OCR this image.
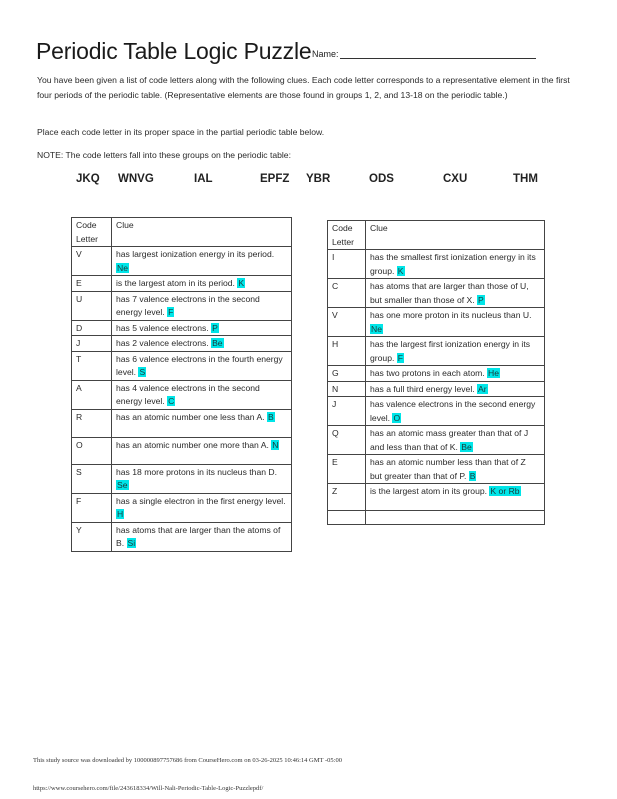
Periodic Table Logic Puzzle Name:
You have been given a list of code letters along with the following clues. Each code letter corresponds to a representative element in the first four periods of the periodic table. (Representative elements are those found in groups 1, 2, and 13-18 on the periodic table.)
Place each code letter in its proper space in the partial periodic table below.
NOTE: The code letters fall into these groups on the periodic table:
JKQ WNVG	IAL	EPFZ YBR	ODS	CXU	THM
Code Letter	Clue
V	has largest ionization energy in its period. Ne
E	is the largest atom in its period. K
U	has 7 valence electrons in the second energy level. F
D	has 5 valence electrons. P
J	has 2 valence electrons. Be
T	has 6 valence electrons in the fourth energy level. S
A	has 4 valence electrons in the second energy level. C
R	has an atomic number one less than A. B
O	has an atomic number one more than A. N
S	has 18 more protons in its nucleus than D. Se
F	has a single electron in the first energy level. H
Y	has atoms that are larger than the atoms of B. Si
Code Letter	Clue
I	has the smallest first ionization energy in its group. K
C	has atoms that are larger than those of U, but smaller than those of X. P
V	has one more proton in its nucleus than U. Ne
H	has the largest first ionization energy in its group. F
G	has two protons in each atom. He
N	has a full third energy level. Ar
J	has valence electrons in the second energy level. O
Q	has an atomic mass greater than that of J and less than that of K. Be
E	has an atomic number less than that of Z but greater than that of P. B
Z	is the largest atom in its group. K or Rb

This study source was downloaded by 100000897757686 from CourseHero.com on 03-26-2025 10:46:14 GMT -05:00
https://www.coursehero.com/file/243618334/Will-Nali-Periodic-Table-Logic-Puzzlepdf/
